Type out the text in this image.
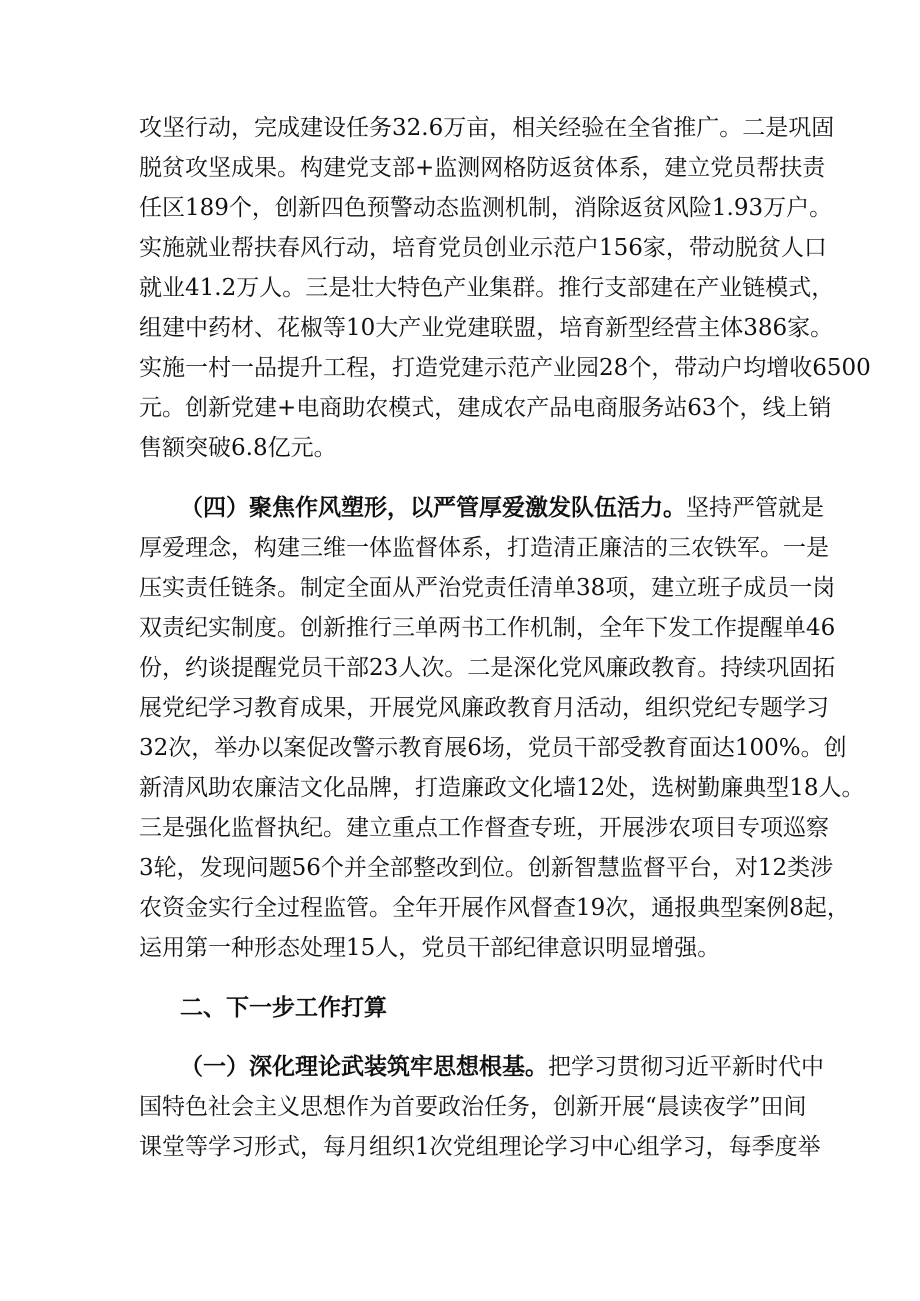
攻坚行动，完成建设任务32.6万亩，相关经验在全省推广。二是巩固
脱贫攻坚成果。构建党支部+监测网格防返贫体系，建立党员帮扶责
任区189个，创新四色预警动态监测机制，消除返贫风险1.93万户。
实施就业帮扶春风行动，培育党员创业示范户156家，带动脱贫人口
就业41.2万人。三是壮大特色产业集群。推行支部建在产业链模式，
组建中药材、花椒等10大产业党建联盟，培育新型经营主体386家。
实施一村一品提升工程，打造党建示范产业园28个，带动户均增收6500
元。创新党建+电商助农模式，建成农产品电商服务站63个，线上销
售额突破6.8亿元。
（四）聚焦作风塑形，以严管厚爱激发队伍活力。坚持严管就是
厚爱理念，构建三维一体监督体系，打造清正廉洁的三农铁军。一是
压实责任链条。制定全面从严治党责任清单38项，建立班子成员一岗
双责纪实制度。创新推行三单两书工作机制，全年下发工作提醒单46
份，约谈提醒党员干部23人次。二是深化党风廉政教育。持续巩固拓
展党纪学习教育成果，开展党风廉政教育月活动，组织党纪专题学习
32次，举办以案促改警示教育展6场，党员干部受教育面达100%。创
新清风助农廉洁文化品牌，打造廉政文化墙12处，选树勤廉典型18人。
三是强化监督执纪。建立重点工作督查专班，开展涉农项目专项巡察
3轮，发现问题56个并全部整改到位。创新智慧监督平台，对12类涉
农资金实行全过程监管。全年开展作风督查19次，通报典型案例8起，
运用第一种形态处理15人，党员干部纪律意识明显增强。
二、下一步工作打算
（一）深化理论武装筑牢思想根基。把学习贯彻习近平新时代中
国特色社会主义思想作为首要政治任务，创新开展“晨读夜学”田间
课堂等学习形式，每月组织1次党组理论学习中心组学习，每季度举
